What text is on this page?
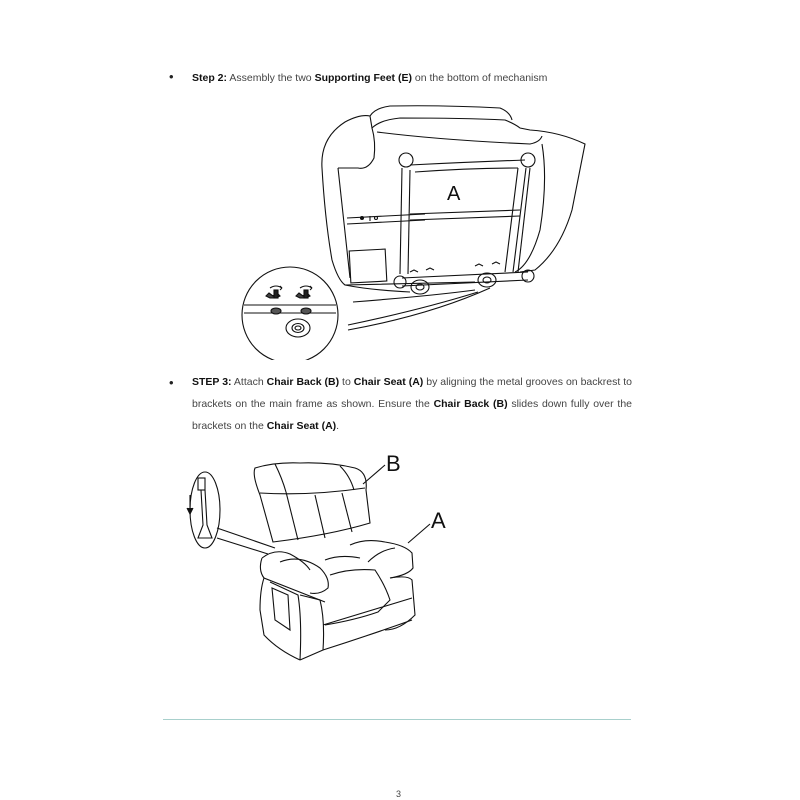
• Step 2: Assembly the two Supporting Feet (E) on the bottom of mechanism
A
• STEP 3: Attach Chair Back (B) to Chair Seat (A) by aligning the metal grooves on backrest to brackets on the main frame as shown. Ensure the Chair Back (B) slides down fully over the brackets on the Chair Seat (A).
B
A
3
